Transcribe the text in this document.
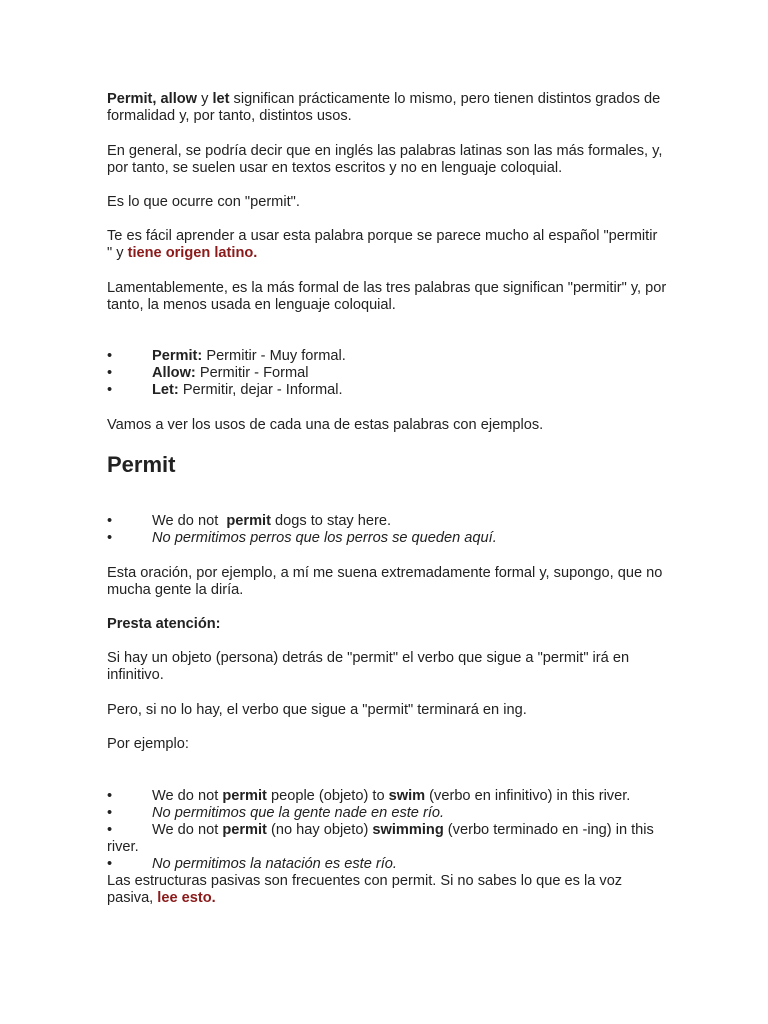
Permit, allow y let significan prácticamente lo mismo, pero tienen distintos grados de formalidad y, por tanto, distintos usos.

En general, se podría decir que en inglés las palabras latinas son las más formales, y, por tanto, se suelen usar en textos escritos y no en lenguaje coloquial.

Es lo que ocurre con "permit".

Te es fácil aprender a usar esta palabra porque se parece mucho al español "permitir " y tiene origen latino.

Lamentablemente, es la más formal de las tres palabras que significan "permitir" y, por tanto, la menos usada en lenguaje coloquial.

•	Permit: Permitir - Muy formal.
•	Allow: Permitir - Formal
•	Let: Permitir, dejar - Informal.

Vamos a ver los usos de cada una de estas palabras con ejemplos.

Permit
•	We do not  permit dogs to stay here.
•	No permitimos perros que los perros se queden aquí.

Esta oración, por ejemplo, a mí me suena extremadamente formal y, supongo, que no mucha gente la diría.

Presta atención:

Si hay un objeto (persona) detrás de "permit" el verbo que sigue a "permit" irá en infinitivo.

Pero, si no lo hay, el verbo que sigue a "permit" terminará en ing.

Por ejemplo:

•	We do not permit people (objeto) to swim (verbo en infinitivo) in this river.
•	No permitimos que la gente nade en este río.
•	We do not permit (no hay objeto) swimming (verbo terminado en -ing) in this river.
•	No permitimos la natación es este río.

Las estructuras pasivas son frecuentes con permit. Si no sabes lo que es la voz pasiva, lee esto.
